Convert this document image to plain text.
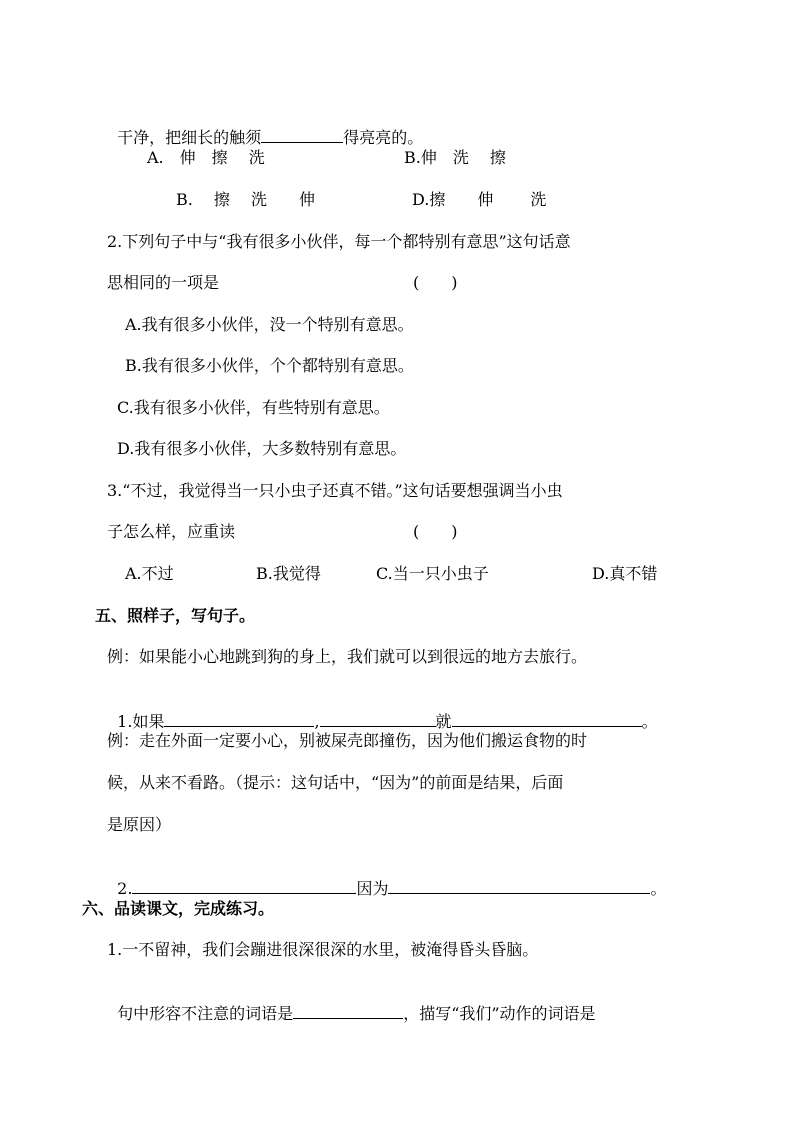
干净，把细长的触须	得亮亮的。

A.　伸　擦　 洗	B.伸　洗　 擦
B.　 擦　 洗　　伸	D.擦　　伸　　 洗
2.下列句子中与“我有很多小伙伴，每一个都特别有意思”这句话意
思相同的一项是	(　　)
A.我有很多小伙伴，没一个特别有意思。
B.我有很多小伙伴，个个都特别有意思。
C.我有很多小伙伴，有些特别有意思。
D.我有很多小伙伴，大多数特别有意思。
3.“不过，我觉得当一只小虫子还真不错。”这句话要想强调当小虫
子怎么样，应重读	(　　)
A.不过	B.我觉得	C.当一只小虫子	D.真不错
五、照样子，写句子。
例：如果能小心地跳到狗的身上，我们就可以到很远的地方去旅行。

1.如果	,	就	。

例：走在外面一定要小心，别被屎壳郎撞伤，因为他们搬运食物的时
候，从来不看路。（提示：这句话中，“因为”的前面是结果，后面
是原因）

2.	因为	。

六、品读课文，完成练习。
1.一不留神，我们会蹦进很深很深的水里，被淹得昏头昏脑。

句中形容不注意的词语是	，描写“我们”动作的词语是
